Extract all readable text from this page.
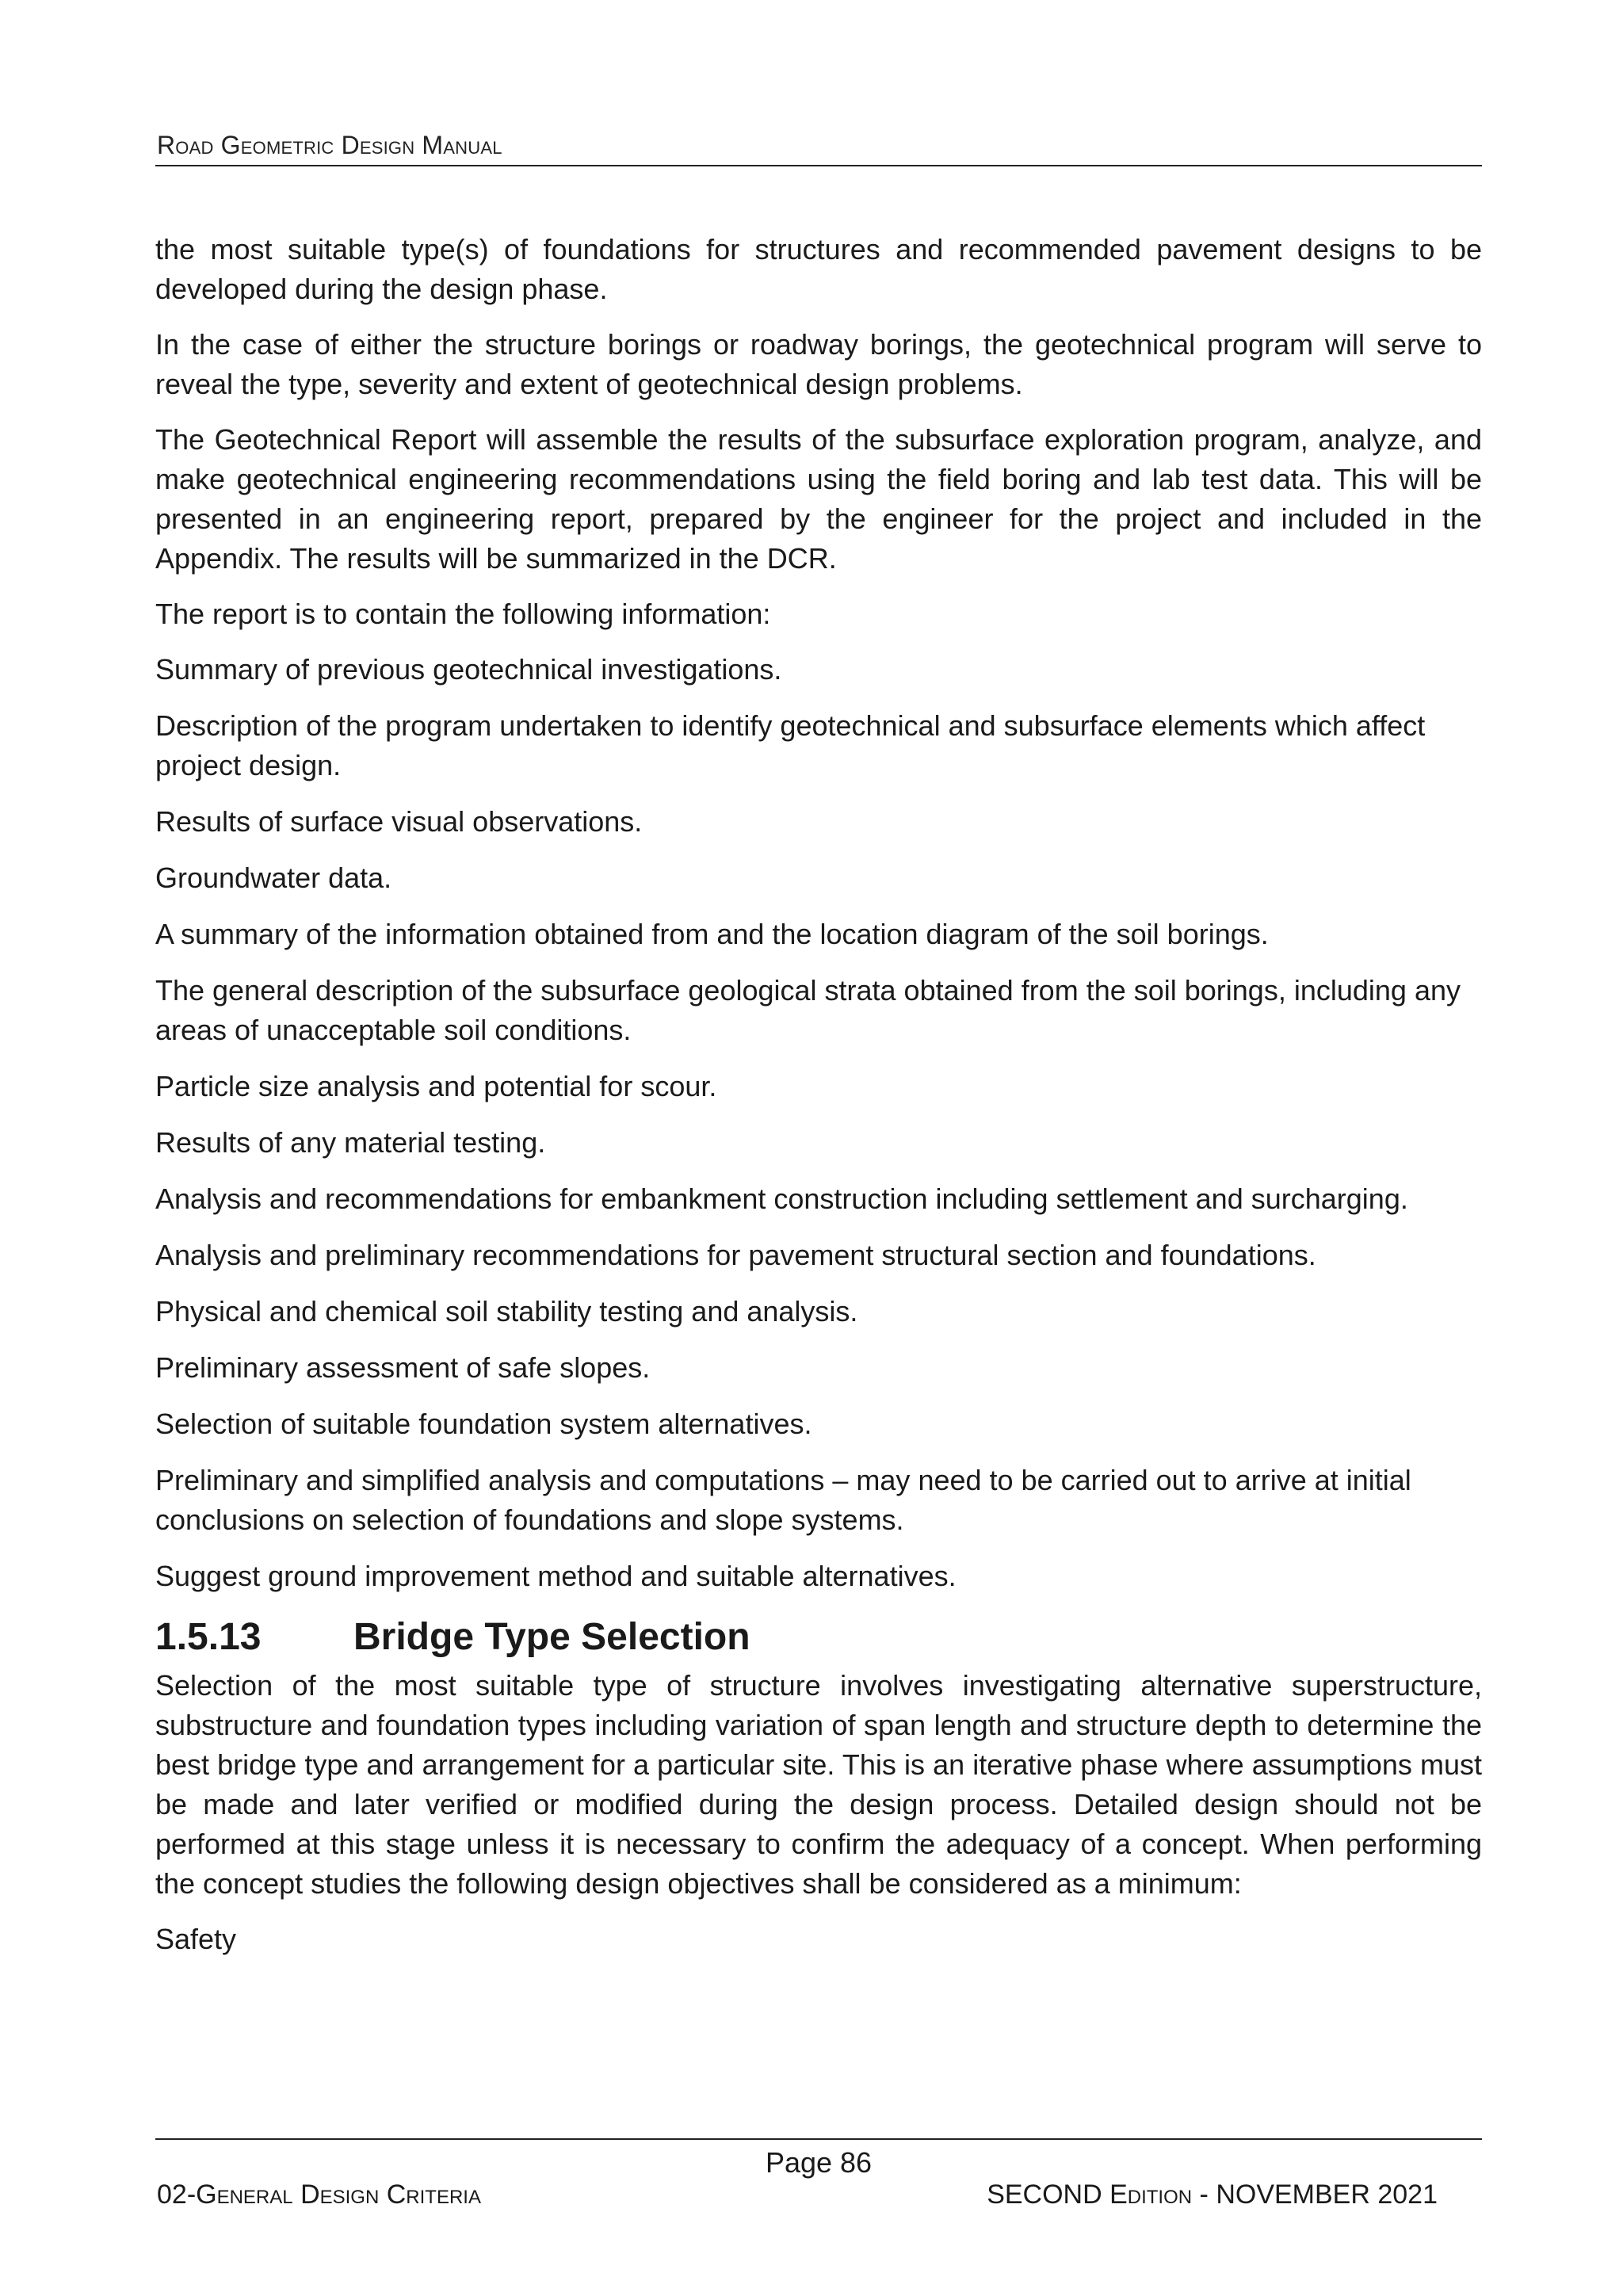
Road Geometric Design Manual

the most suitable type(s) of foundations for structures and recommended pavement designs to be developed during the design phase.

In the case of either the structure borings or roadway borings, the geotechnical program will serve to reveal the type, severity and extent of geotechnical design problems.

The Geotechnical Report will assemble the results of the subsurface exploration program, analyze, and make geotechnical engineering recommendations using the field boring and lab test data. This will be presented in an engineering report, prepared by the engineer for the project and included in the Appendix. The results will be summarized in the DCR.

The report is to contain the following information:

Summary of previous geotechnical investigations.

Description of the program undertaken to identify geotechnical and subsurface elements which affect project design.

Results of surface visual observations.

Groundwater data.

A summary of the information obtained from and the location diagram of the soil borings.

The general description of the subsurface geological strata obtained from the soil borings, including any areas of unacceptable soil conditions.

Particle size analysis and potential for scour.

Results of any material testing.

Analysis and recommendations for embankment construction including settlement and surcharging.

Analysis and preliminary recommendations for pavement structural section and foundations.

Physical and chemical soil stability testing and analysis.

Preliminary assessment of safe slopes.

Selection of suitable foundation system alternatives.

Preliminary and simplified analysis and computations – may need to be carried out to arrive at initial conclusions on selection of foundations and slope systems.

Suggest ground improvement method and suitable alternatives.

1.5.13	Bridge Type Selection

Selection of the most suitable type of structure involves investigating alternative superstructure, substructure and foundation types including variation of span length and structure depth to determine the best bridge type and arrangement for a particular site. This is an iterative phase where assumptions must be made and later verified or modified during the design process. Detailed design should not be performed at this stage unless it is necessary to confirm the adequacy of a concept. When performing the concept studies the following design objectives shall be considered as a minimum:

Safety

Page 86
02-General Design Criteria	SECOND Edition - NOVEMBER 2021
